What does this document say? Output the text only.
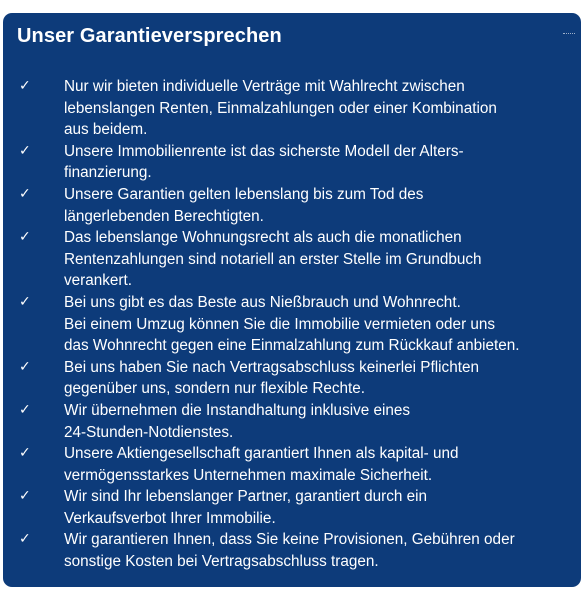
Unser Garantieversprechen
✓ Nur wir bieten individuelle Verträge mit Wahlrecht zwischen
lebenslangen Renten, Einmalzahlungen oder einer Kombination
aus beidem.
✓ Unsere Immobilienrente ist das sicherste Modell der Alters-
finanzierung.
✓ Unsere Garantien gelten lebenslang bis zum Tod des
längerlebenden Berechtigten.
✓ Das lebenslange Wohnungsrecht als auch die monatlichen
Rentenzahlungen sind notariell an erster Stelle im Grundbuch
verankert.
✓ Bei uns gibt es das Beste aus Nießbrauch und Wohnrecht.
Bei einem Umzug können Sie die Immobilie vermieten oder uns
das Wohnrecht gegen eine Einmalzahlung zum Rückkauf anbieten.
✓ Bei uns haben Sie nach Vertragsabschluss keinerlei Pflichten
gegenüber uns, sondern nur flexible Rechte.
✓ Wir übernehmen die Instandhaltung inklusive eines
24-Stunden-Notdienstes.
✓ Unsere Aktiengesellschaft garantiert Ihnen als kapital- und
vermögensstarkes Unternehmen maximale Sicherheit.
✓ Wir sind Ihr lebenslanger Partner, garantiert durch ein
Verkaufsverbot Ihrer Immobilie.
✓ Wir garantieren Ihnen, dass Sie keine Provisionen, Gebühren oder
sonstige Kosten bei Vertragsabschluss tragen.
